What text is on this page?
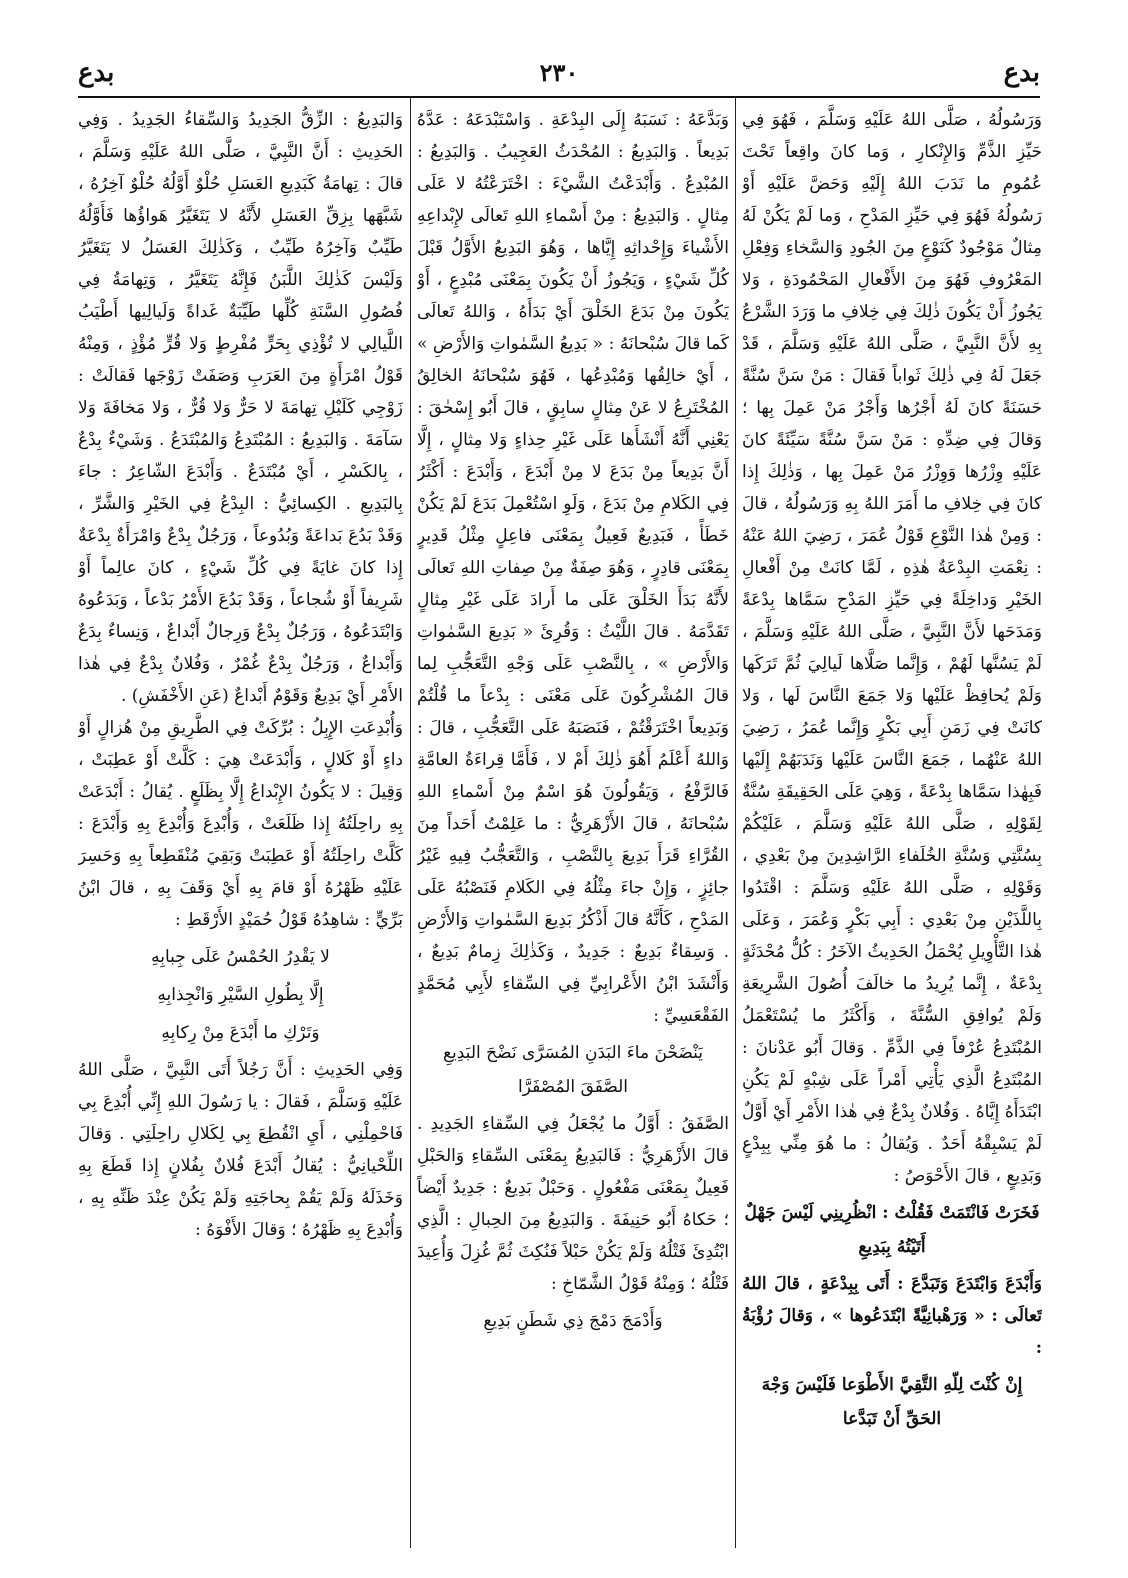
بدع
٢٣٠
بدع

وَرَسُولُهُ ، صَلَّى اللهُ عَلَيْهِ وَسَلَّمَ ، فَهُوَ فِي حَيِّزِ الذَّمِّ وَالإِنْكارِ ، وَما كانَ واقِعاً تَحْتَ عُمُومِ ما نَدَبَ اللهُ إِلَيْهِ وَحَضَّ عَلَيْهِ أَوْ رَسُولُهُ فَهُوَ فِي حَيِّزِ المَدْحِ ، وَما لَمْ يَكُنْ لَهُ مِثالٌ مَوْجُودٌ كَنَوْعٍ مِنَ الجُودِ وَالسَّخاءِ وَفِعْلِ المَعْرُوفِ فَهُوَ مِنَ الأَفْعالِ المَحْمُودَةِ ، وَلا يَجُوزُ أَنْ يَكُونَ ذٰلِكَ فِي خِلافِ ما وَرَدَ الشَّرْعُ بِهِ لأَنَّ النَّبِيَّ ، صَلَّى اللهُ عَلَيْهِ وَسَلَّمَ ، قَدْ جَعَلَ لَهُ فِي ذٰلِكَ ثَواباً فَقالَ : مَنْ سَنَّ سُنَّةً حَسَنَةً كانَ لَهُ أَجْرُها وَأَجْرُ مَنْ عَمِلَ بِها ؛ وَقالَ فِي ضِدِّهِ : مَنْ سَنَّ سُنَّةً سَيِّئَةً كانَ عَلَيْهِ وِزْرُها وَوِزْرُ مَنْ عَمِلَ بِها ، وَذٰلِكَ إِذا كانَ فِي خِلافِ ما أَمَرَ اللهُ بِهِ وَرَسُولُهُ ، قالَ : وَمِنْ هٰذا النَّوْعِ قَوْلُ عُمَرَ ، رَضِيَ اللهُ عَنْهُ : نِعْمَتِ البِدْعَةُ هٰذِهِ ، لَمَّا كانَتْ مِنْ أَفْعالِ الخَيْرِ وَداخِلَةً فِي حَيِّزِ المَدْحِ سَمَّاها بِدْعَةً وَمَدَحَها لأَنَّ النَّبِيَّ ، صَلَّى اللهُ عَلَيْهِ وَسَلَّمَ ، لَمْ يَسُنَّها لَهُمْ ، وَإِنَّما صَلَّاها لَيالِيَ ثُمَّ تَرَكَها وَلَمْ يُحافِظْ عَلَيْها وَلا جَمَعَ النَّاسَ لَها ، وَلا كانَتْ فِي زَمَنِ أَبِي بَكْرٍ وَإِنَّما عُمَرُ ، رَضِيَ اللهُ عَنْهُما ، جَمَعَ النَّاسَ عَلَيْها وَنَدَبَهُمْ إِلَيْها فَبِهٰذا سَمَّاها بِدْعَةً ، وَهِيَ عَلَى الحَقِيقَةِ سُنَّةٌ لِقَوْلِهِ ، صَلَّى اللهُ عَلَيْهِ وَسَلَّمَ ، عَلَيْكُمْ بِسُنَّتِي وَسُنَّةِ الخُلَفاءِ الرَّاشِدِينَ مِنْ بَعْدِي ، وَقَوْلِهِ ، صَلَّى اللهُ عَلَيْهِ وَسَلَّمَ : اقْتَدُوا بِاللَّذَيْنِ مِنْ بَعْدِي : أَبِي بَكْرٍ وَعُمَرَ ، وَعَلَى هٰذا التَّأْوِيلِ يُحْمَلُ الحَدِيثُ الآخَرُ : كُلُّ مُحْدَثَةٍ بِدْعَةٌ ، إِنَّما يُرِيدُ ما خالَفَ أُصُولَ الشَّرِيعَةِ وَلَمْ يُوافِقِ السُّنَّةَ ، وَأَكْثَرُ ما يُسْتَعْمَلُ المُبْتَدِعُ عُرْفاً فِي الذَّمِّ . وَقالَ أَبُو عَدْنانَ : المُبْتَدِعُ الَّذِي يَأْتِي أَمْراً عَلَى شِبْهٍ لَمْ يَكُنِ ابْتَدَأَهُ إِيَّاهُ . وَفُلانٌ بِدْعٌ فِي هٰذا الأَمْرِ أَيْ أَوَّلٌ لَمْ يَسْبِقْهُ أَحَدٌ . وَيُقالُ : ما هُوَ مِنِّي بِبِدْعٍ وَبَدِيعٍ ، قالَ الأَحْوَصُ :

فَخَرَتْ فَانْتَمَتْ فَقُلْتُ : انْظُرِينِي لَيْسَ جَهْلٌ أَتَيْتُهُ بِبَدِيعِ

وَأَبْدَعَ وَابْتَدَعَ وَتَبَدَّعَ : أَتَى بِبِدْعَةٍ ، قالَ اللهُ تَعالَى : « وَرَهْبانِيَّةً ابْتَدَعُوها » ، وَقالَ رُؤْبَةُ :

إِنْ كُنْتَ لِلّهِ التَّقِيَّ الأَطْوَعا فَلَيْسَ وَجْهَ الحَقِّ أَنْ تَبَدَّعا

وَبَدَّعَهُ : نَسَبَهُ إِلَى البِدْعَةِ . وَاسْتَبْدَعَهُ : عَدَّهُ بَدِيعاً . وَالبَدِيعُ : المُحْدَثُ العَجِيبُ . وَالبَدِيعُ : المُبْدِعُ . وَأَبْدَعْتُ الشَّيْءَ : اخْتَرَعْتُهُ لا عَلَى مِثالٍ . وَالبَدِيعُ : مِنْ أَسْماءِ اللهِ تَعالَى لإِبْداعِهِ الأَشْياءَ وَإِحْداثِهِ إِيَّاها ، وَهُوَ البَدِيعُ الأَوَّلُ قَبْلَ كُلِّ شَيْءٍ ، وَيَجُوزُ أَنْ يَكُونَ بِمَعْنَى مُبْدِعٍ ، أَوْ يَكُونَ مِنْ بَدَعَ الخَلْقَ أَيْ بَدَأَهُ ، وَاللهُ تَعالَى كَما قالَ سُبْحانَهُ : « بَدِيعُ السَّمٰواتِ وَالأَرْضِ » ، أَيْ خالِقُها وَمُبْدِعُها ، فَهُوَ سُبْحانَهُ الخالِقُ المُخْتَرِعُ لا عَنْ مِثالٍ سابِقٍ ، قالَ أَبُو إِسْحٰقَ : يَعْنِي أَنَّهُ أَنْشَأَها عَلَى غَيْرِ حِذاءٍ وَلا مِثالٍ ، إِلَّا أَنَّ بَدِيعاً مِنْ بَدَعَ لا مِنْ أَبْدَعَ ، وَأَبْدَعَ : أَكْثَرُ فِي الكَلامِ مِنْ بَدَعَ ، وَلَوِ اسْتُعْمِلَ بَدَعَ لَمْ يَكُنْ خَطَأً ، فَبَدِيعٌ فَعِيلٌ بِمَعْنَى فاعِلٍ مِثْلُ قَدِيرٍ بِمَعْنَى قادِرٍ ، وَهُوَ صِفَةٌ مِنْ صِفاتِ اللهِ تَعالَى لأَنَّهُ بَدَأَ الخَلْقَ عَلَى ما أَرادَ عَلَى غَيْرِ مِثالٍ تَقَدَّمَهُ . قالَ اللَّيْثُ : وَقُرِئَ « بَدِيعَ السَّمٰواتِ وَالأَرْضِ » ، بِالنَّصْبِ عَلَى وَجْهِ التَّعَجُّبِ لِما قالَ المُشْرِكُونَ عَلَى مَعْنَى : بِدْعاً ما قُلْتُمْ وَبَدِيعاً اخْتَرَقْتُمْ ، فَنَصَبَهُ عَلَى التَّعَجُّبِ ، قالَ : وَاللهُ أَعْلَمُ أَهُوَ ذٰلِكَ أَمْ لا ، فَأَمَّا قِراءَةُ العامَّةِ فَالرَّفْعُ ، وَيَقُولُونَ هُوَ اسْمٌ مِنْ أَسْماءِ اللهِ سُبْحانَهُ ، قالَ الأَزْهَرِيُّ : ما عَلِمْتُ أَحَداً مِنَ القُرَّاءِ قَرَأَ بَدِيعَ بِالنَّصْبِ ، وَالتَّعَجُّبُ فِيهِ غَيْرُ جائِزٍ ، وَإِنْ جاءَ مِثْلُهُ فِي الكَلامِ فَنَصْبُهُ عَلَى المَدْحِ ، كَأَنَّهُ قالَ أَذْكُرُ بَدِيعَ السَّمٰواتِ وَالأَرْضِ . وَسِقاءٌ بَدِيعٌ : جَدِيدٌ ، وَكَذٰلِكَ زِمامٌ بَدِيعٌ ، وَأَنْشَدَ ابْنُ الأَعْرابِيِّ فِي السِّقاءِ لأَبِي مُحَمَّدٍ الفَقْعَسِيِّ :

يَنْضَحْنَ ماءَ البَدَنِ المُسَرَّى نَضْحَ البَدِيعِ الصَّفَقَ المُصْفَرَّا

الصَّفَقُ : أَوَّلُ ما يُجْعَلُ فِي السِّقاءِ الجَدِيدِ . قالَ الأَزْهَرِيُّ : فَالبَدِيعُ بِمَعْنَى السِّقاءِ وَالحَبْلِ فَعِيلٌ بِمَعْنَى مَفْعُولٍ . وَحَبْلٌ بَدِيعٌ : جَدِيدٌ أَيْضاً ؛ حَكاهُ أَبُو حَنِيفَةَ . وَالبَدِيعُ مِنَ الحِبالِ : الَّذِي ابْتُدِئَ فَتْلُهُ وَلَمْ يَكُنْ حَبْلاً فَنُكِثَ ثُمَّ غُزِلَ وَأُعِيدَ فَتْلُهُ ؛ وَمِنْهُ قَوْلُ الشَّمّاخِ :

وَأَدْمَجَ دَمْجَ ذِي شَطَنٍ بَدِيعِ

وَالبَدِيعُ : الزِّقُّ الجَدِيدُ وَالسِّقاءُ الجَدِيدُ . وَفِي الحَدِيثِ : أَنَّ النَّبِيَّ ، صَلَّى اللهُ عَلَيْهِ وَسَلَّمَ ، قالَ : تِهامَةُ كَبَدِيعِ العَسَلِ حُلْوٌ أَوَّلُهُ حُلْوٌ آخِرُهُ ، شَبَّهَها بِزِقِّ العَسَلِ لأَنَّهُ لا يَتَغَيَّرُ هَواؤُها فَأَوَّلُهُ طَيِّبٌ وَآخِرُهُ طَيِّبٌ ، وَكَذٰلِكَ العَسَلُ لا يَتَغَيَّرُ وَلَيْسَ كَذٰلِكَ اللَّبَنُ فَإِنَّهُ يَتَغَيَّرُ ، وَتِهامَةُ فِي فُصُولِ السَّنَةِ كُلِّها طَيِّبَةٌ غَداةً وَلَيالِيها أَطْيَبُ اللَّيالِي لا تُؤْذِي بِحَرٍّ مُفْرِطٍ وَلا قُرٍّ مُؤْذٍ ، وَمِنْهُ قَوْلُ امْرَأَةٍ مِنَ العَرَبِ وَصَفَتْ زَوْجَها فَقالَتْ : زَوْجِي كَلَيْلِ تِهامَةَ لا حَرٌّ وَلا قُرٌّ ، وَلا مَخافَةَ وَلا سَآمَةَ . وَالبَدِيعُ : المُبْتَدِعُ وَالمُبْتَدَعُ . وَشَيْءٌ بِدْعٌ ، بِالكَسْرِ ، أَيْ مُبْتَدَعٌ . وَأَبْدَعَ الشّاعِرُ : جاءَ بِالبَدِيعِ . الكِسائِيُّ : البِدْعُ فِي الخَيْرِ وَالشَّرِّ ، وَقَدْ بَدُعَ بَداعَةً وَبُدُوعاً ، وَرَجُلٌ بِدْعٌ وَامْرَأَةٌ بِدْعَةٌ إِذا كانَ غايَةً فِي كُلِّ شَيْءٍ ، كانَ عالِماً أَوْ شَرِيفاً أَوْ شُجاعاً ، وَقَدْ بَدُعَ الأَمْرُ بَدْعاً ، وَبَدَعُوهُ وَابْتَدَعُوهُ ، وَرَجُلٌ بِدْعٌ وَرِجالٌ أَبْداعٌ ، وَنِساءٌ بِدَعٌ وَأَبْداعٌ ، وَرَجُلٌ بِدْعٌ غُمْرٌ ، وَفُلانٌ بِدْعٌ فِي هٰذا الأَمْرِ أَيْ بَدِيعٌ وَقَوْمٌ أَبْداعٌ (عَنِ الأَخْفَشِ) .

وَأُبْدِعَتِ الإِبِلُ : بُرِّكَتْ فِي الطَّرِيقِ مِنْ هُزالٍ أَوْ داءٍ أَوْ كَلالٍ ، وَأَبْدَعَتْ هِيَ : كَلَّتْ أَوْ عَطِبَتْ ، وَقِيلَ : لا يَكُونُ الإِبْداعُ إِلَّا بِظَلَعٍ . يُقالُ : أَبْدَعَتْ بِهِ راحِلَتُهُ إِذا ظَلَعَتْ ، وَأُبْدِعَ وَأُبْدِعَ بِهِ وَأَبْدَعَ : كَلَّتْ راحِلَتُهُ أَوْ عَطِبَتْ وَبَقِيَ مُنْقَطِعاً بِهِ وَحَسِرَ عَلَيْهِ ظَهْرُهُ أَوْ قامَ بِهِ أَيْ وَقَفَ بِهِ ، قالَ ابْنُ بَرِّيٍّ : شاهِدُهُ قَوْلُ حُمَيْدٍ الأَرْقَطِ :

لا يَقْدِرُ الحُمْسُ عَلَى جِبابِهِ

إِلَّا بِطُولِ السَّيْرِ وَانْجِذابِهِ

وَتَرْكِ ما أَبْدَعَ مِنْ رِكابِهِ

وَفِي الحَدِيثِ : أَنَّ رَجُلاً أَتَى النَّبِيَّ ، صَلَّى اللهُ عَلَيْهِ وَسَلَّمَ ، فَقالَ : يا رَسُولَ اللهِ إِنِّي أُبْدِعَ بِي فَاحْمِلْنِي ، أَيِ انْقُطِعَ بِي لِكَلالِ راحِلَتِي . وَقالَ اللِّحْيانِيُّ : يُقالُ أَبْدَعَ فُلانٌ بِفُلانٍ إِذا قَطَعَ بِهِ وَخَذَلَهُ وَلَمْ يَقُمْ بِحاجَتِهِ وَلَمْ يَكُنْ عِنْدَ ظَنِّهِ بِهِ ، وَأُبْدِعَ بِهِ ظَهْرُهُ ؛ وَقالَ الأَفْوَهُ :
